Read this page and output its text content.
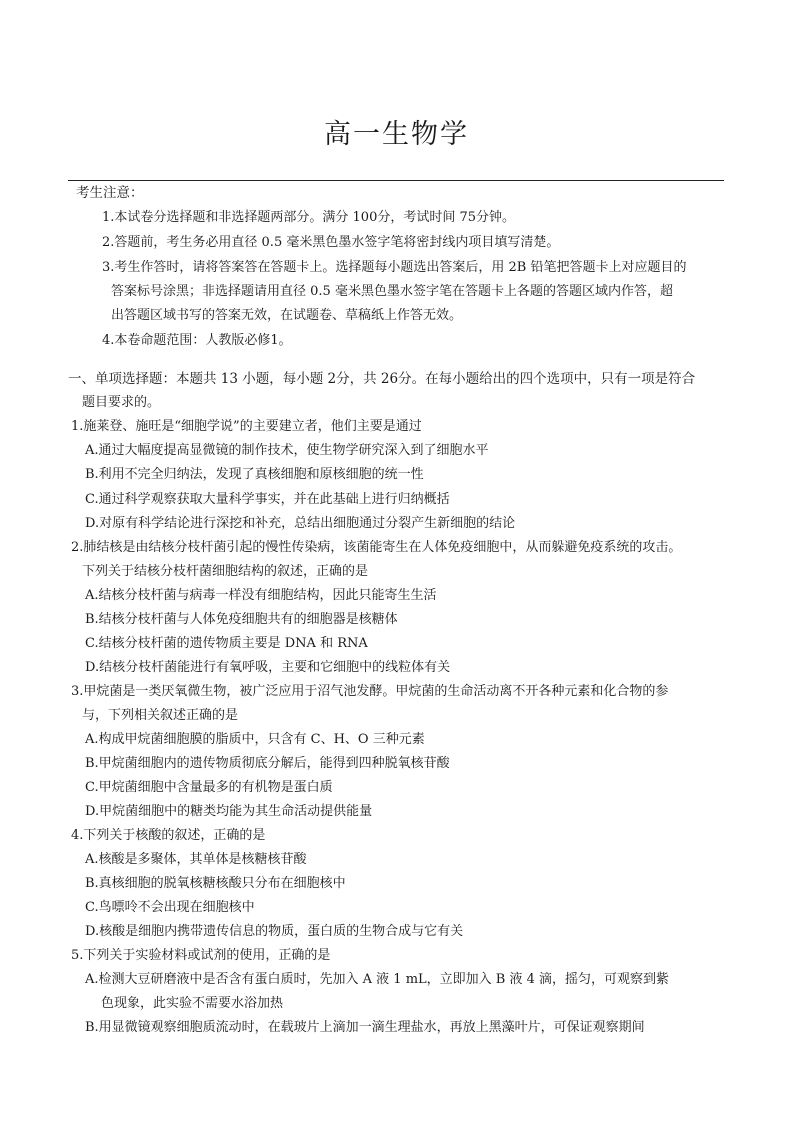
高一生物学
考生注意：
1.本试卷分选择题和非选择题两部分。满分 100分，考试时间 75分钟。
2.答题前，考生务必用直径 0.5 毫米黑色墨水签字笔将密封线内项目填写清楚。
3.考生作答时，请将答案答在答题卡上。选择题每小题选出答案后，用 2B 铅笔把答题卡上对应题目的
答案标号涂黑；非选择题请用直径 0.5 毫米黑色墨水签字笔在答题卡上各题的答题区域内作答，超
出答题区域书写的答案无效，在试题卷、草稿纸上作答无效。
4.本卷命题范围：人教版必修1。
一、单项选择题：本题共 13 小题，每小题 2分，共 26分。在每小题给出的四个选项中，只有一项是符合
题目要求的。
1.施莱登、施旺是“细胞学说”的主要建立者，他们主要是通过
A.通过大幅度提高显微镜的制作技术，使生物学研究深入到了细胞水平
B.利用不完全归纳法，发现了真核细胞和原核细胞的统一性
C.通过科学观察获取大量科学事实，并在此基础上进行归纳概括
D.对原有科学结论进行深挖和补充，总结出细胞通过分裂产生新细胞的结论
2.肺结核是由结核分枝杆菌引起的慢性传染病，该菌能寄生在人体免疫细胞中，从而躲避免疫系统的攻击。
下列关于结核分枝杆菌细胞结构的叙述，正确的是
A.结核分枝杆菌与病毒一样没有细胞结构，因此只能寄生生活
B.结核分枝杆菌与人体免疫细胞共有的细胞器是核糖体
C.结核分枝杆菌的遗传物质主要是 DNA 和 RNA
D.结核分枝杆菌能进行有氧呼吸，主要和它细胞中的线粒体有关
3.甲烷菌是一类厌氧微生物，被广泛应用于沼气池发酵。甲烷菌的生命活动离不开各种元素和化合物的参
与，下列相关叙述正确的是
A.构成甲烷菌细胞膜的脂质中，只含有 C、H、O 三种元素
B.甲烷菌细胞内的遗传物质彻底分解后，能得到四种脱氧核苷酸
C.甲烷菌细胞中含量最多的有机物是蛋白质
D.甲烷菌细胞中的糖类均能为其生命活动提供能量
4.下列关于核酸的叙述，正确的是
A.核酸是多聚体，其单体是核糖核苷酸
B.真核细胞的脱氧核糖核酸只分布在细胞核中
C.鸟嘌呤不会出现在细胞核中
D.核酸是细胞内携带遗传信息的物质，蛋白质的生物合成与它有关
5.下列关于实验材料或试剂的使用，正确的是
A.检测大豆研磨液中是否含有蛋白质时，先加入 A 液 1 mL，立即加入 B 液 4 滴，摇匀，可观察到紫
色现象，此实验不需要水浴加热
B.用显微镜观察细胞质流动时，在载玻片上滴加一滴生理盐水，再放上黑藻叶片，可保证观察期间
